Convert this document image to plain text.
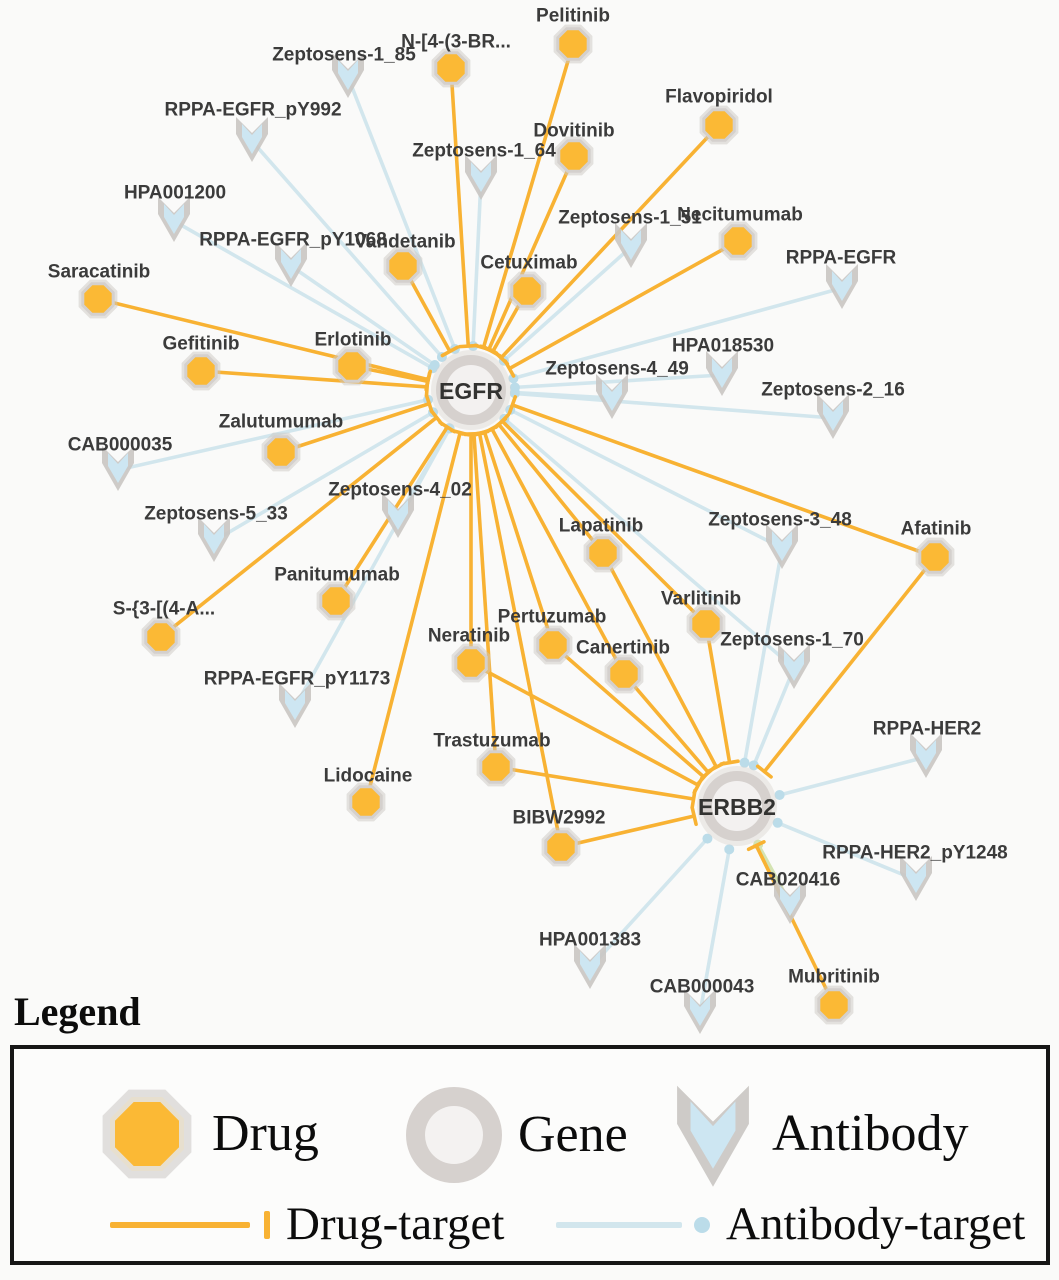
EGFR
ERBB2
Pelitinib
N-[4-(3-BR...
Dovitinib
Flavopiridol
Necitumumab
Cetuximab
Vandetanib
Saracatinib
Gefitinib	Erlotinib
Zalutumumab
Panitumumab
S-{3-[(4-A...
Lapatinib	Afatinib
Varlitinib
Pertuzumab
Canertinib
Neratinib
Trastuzumab
Lidocaine
BIBW2992
Mubritinib
Zeptosens-1_85
RPPA-EGFR_pY992
HPA001200
RPPA-EGFR_pY1068
Zeptosens-1_64
Zeptosens-1_51
RPPA-EGFR
HPA018530
Zeptosens-4_49
Zeptosens-2_16
CAB000035
Zeptosens-5_33
Zeptosens-4_02
Zeptosens-3_48
Zeptosens-1_70
RPPA-EGFR_pY1173
RPPA-HER2
RPPA-HER2_pY1248
CAB020416
HPA001383
CAB000043
Legend
Drug	Gene	Antibody
Drug-target	Antibody-target
